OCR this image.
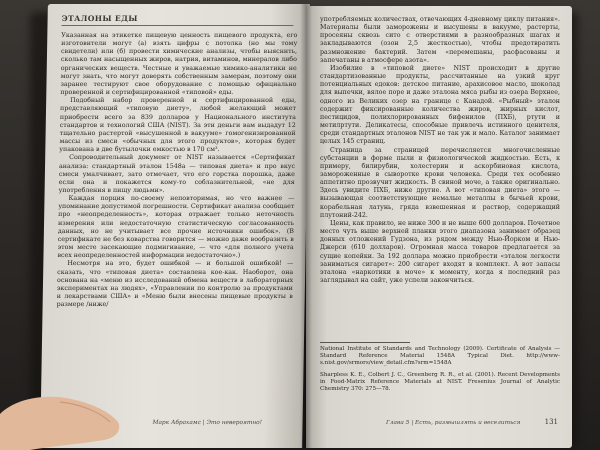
ЭТАЛОНЫ ЕДЫ

Указанная на этикетке пищевую ценность пищевого продукта, его изготовители могут (а) взять цифры с потолка (но мы тому свидетели) или (б) провести химические анализы, чтобы выяснить, сколько там насыщенных жиров, натрия, витаминов, минералов либо органических веществ. Честные и уважаемые химико-аналитики не могут знать, что могут доверять собственным замерам, поэтому они заранее тестируют свое оборудование с помощью официально проверенной и сертифицированной «типовой» еды.

Подобный набор проверенной и сертифицированной еды, представляющий «типовую диету», любой желающий может приобрести всего за 839 долларов у Национального института стандартов и технологий США (NIST). За эти деньги вам выдадут 12 тщательно растертой «высушенной в вакууме» гомогенизированной массы из смеси «обычных для этого продуктов», которая будет упакована в две бутылочки емкостью в 170 см³.

Сопроводительный документ от NIST называется «Сертификат анализа: стандартный эталон 1548а — типовая диета» и про вкус смеси умалчивает, зато отмечает, что его горстка порошка, даже если она и покажется кому-то соблазнительной, «не для употребления в пищу людьми».

Каждая порция по-своему неповторимая, но что важнее — упоминание допустимой погрешности. Сертификат анализа сообщает про «неопределенность», которая отражает только неточность измерения или недостаточную статистическую согласованность данных, но не учитывает все прочие источники ошибок». (В сертификате не без коварства говорится — можно даже вообразить в этом месте засекающие подмигивание, — что «для полного учета всех неопределенностей информации недостаточно».)

Несмотря на это, будет ошибкой — и большой ошибкой! — сказать, что «типовая диета» составлена кое-как. Наоборот, она основана на «меню из исследований обмена веществ в лабораторных экспериментах на людях», «Управлении по контролю за продуктами и лекарствами США» и «Меню были внесены пищевые продукты в размере /ниже/

Марк Абрахамс | Это невероятно!

употребляемых количествах, отвечающих 4-дневному циклу питания». Материалы были заморожены и высушены в вакууме, растерты, просеяны сквозь сито с отверстиями в разнообразных шагах и закладываются (озон 2,5 жесткостью), чтобы предотвратить размножение бактерий. Затем «перемешаны, расфасованы и запечатаны в атмосфере азота».

Изобилие в «типовой диете» NIST происходит в другие стандартизованные продукты, рассчитанные на узкий круг потенциальных едоков: детское питание, арахисовое масло, шоколад для выпечки, вялое поре и даже эталона мяса рыбы из озера Верхнее, одного из Великих озер на границе с Канадой. «Рыбный» эталон содержит фиксированные количества жиров, жирных кислот, пестицидов, полихлорированных бифенилов (ПХБ), ртути и метилртути. Деликатесы, способные привлечь истинного ценителя, среди стандартных эталонов NIST не так уж и мало. Каталог занимает целых 145 страниц.

Страница за страницей перечисляется многочисленные субстанции в форме пыли и физиологической жидкостью. Есть, к примеру, билирубин, холестерин и аскорбиновая кислота, замороженные в сыворотке крови человека. Среди тех особенно аппетитно прозвучит жидкость. В свиной моче, а также оригинально. Здесь увидите ПХБ, ниже другие. А вот «типовая диета» этого — вызывающая соответствующие немалые металлы в бычьей крови, корабельная латунь, гряда взвешенная и раствор, содержащий плутоний-242.

Цены, как правило, не ниже 300 и не выше 600 долларов. Почетное место чуть выше верхней планки этого диапазона занимает образец донных отложений Гудзона, из рядом между Нью-Йорком и Нью-Джерси (610 долларов). Огромная масса товаров предлагается за сущие копейки. За 192 доллара можно приобрести «эталон легкости заниматься сигарет»: 200 сигарет входят в комплект. А вот запасы эталона «наркотики в моче» к моменту, когда я последний раз заглядывал на сайт, уже успели закончиться.

National Institute of Standards and Technology (2009). Certificate of Analysis — Standard Reference Material 1548A Typical Diet. http://www-s.nist.gov/srmors/view_detail.cfm?srm=1548A

Sharpless K. E., Colbert J. C., Greenberg R. R., et al. (2001). Recent Developments in Food-Matrix Reference Materials at NIST. Fresenius Journal of Analytic Chemistry 370: 275—78.

Глава 5 | Есть, размышлять и веселиться	131
